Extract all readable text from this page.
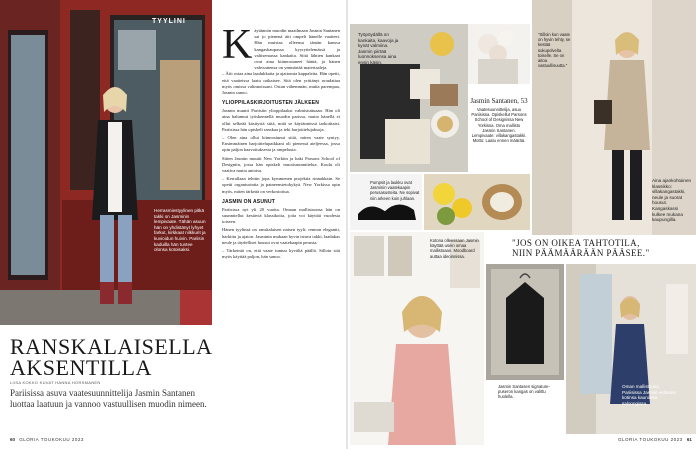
Herrasmiestyylinen pitkä takki on Jasminin lempivaate. Tähän asuun hän on yhdistänyt lyhyet farkut, kirkkaat nilkkurit ja kuvioidun huivin. Pariisin kaduilla hän tuntee olonsa kotoisaksi.
TYYLINI
RANSKALAISELLA
AKSENTILLA
LIISA KOKKO KUVAT HANNA HORSMANEN
Pariisissa asuva vaatesuunnittelija Jasmin Santanen luottaa laatuun ja vannoo vastuullisen muodin nimeen.
60 GLORIA TOUKOKUU 2023
K äytännön muodin maailmaan Jasmin Santanen sai jo pienenä äiti ompeli hänelle vaatteet. Hän muistaa olleensa tämän kanssa kangaskaupassa kyyryttelemässä ja valitsemassa kankaita. Siitä lähtien kankaat ovat aina kiinnostaneet häntä, ja hänen vahvuutensa on ymmärtää materiaaleja.

– Äiti ostaa aina laadukkaita ja ajattomia kappaleita. Hän opetti, että vaatteissa laatu ratkaisee. Sitä olen yrittänyt noudattaa myös omissa valinnoissani. Ostan vähemmän, mutta parempaa, Jasmin sanoo.

YLIOPPILASKIRJOITUSTEN JÄLKEEN

Jasmin muutti Pariisiin ylioppilaaksi valmistuttuaan. Hän oli aina halunnut työskennellä muodin parissa, mutta hänellä ei ollut selkeää käsitystä siitä, mitä se käytännössä tarkoittaisi. Pariisissa hän opiskeli ranskaa ja teki harjoittelujaksoja.

– Olen aina ollut kiinnostunut siitä, miten vaate syntyy. Ensimmäinen harjoittelupaikkani oli pienessä ateljeessa, jossa opin paljon kaavoituksesta ja ompelusta.

Sitten Jasmin muutti New Yorkiin ja haki Parsons School of Designiin, jossa hän opiskeli muotisuunnittelua. Koulu oli vaativa mutta antoisa.

– Kerrallaan tehtiin jopa kymmenen projektia rinnakkain. Se opetti organisointia ja paineensietokykyä. New Yorkissa opin myös, miten tärkeää on verkostoitua.

JASMIN ON ASUNUT

Pariisissa nyt yli 20 vuotta. Omaan mallistoonsa hän on suunnitellut kestäviä klassikoita, joita voi käyttää vuodesta toiseen.

Hänen tyylinsä on ranskalaisen naisen tyyli: rennon elegantti, harkittu ja ajaton. Jasminin mukaan hyvin istuva takki, laadukas neule ja täydelliset housut ovat vaatekaapin perusta.

– Tärkeintä on, että vaate tuntuu hyvältä päällä. Silloin sitä myös käyttää paljon, hän sanoo.

Työpöydällä on kankaita, kaavoja ja kynät valmiina. Jasmin piirtää luonnoksensa aina ensin käsin.
Jasmin Santanen, 53
Vaatesuunnittelija, asuu Pariisissa. Opiskellut Parsons School of Designissa New Yorkissa. Oma mallisto Jasmin Santanen. Lempivaate: villakangastakki. Motto: Laatu ennen määrää.
"Silloin kun vaate on hyvin tehty, se kestää sukupolvelta toiselle. Se on aitoa vastuullisuutta."
Aina ajankohtainen klassikko: villakangastakki, neule ja suorat housut. Kangaskassi kulkee mukana kaupungilla.
Pumpsit ja laukku ovat Jasminin vaatekaapin perusasusteita. Ne sopivat niin arkeen kuin juhlaan.
Kotona olleessaan Jasmin käyttää usein omaa mallistoaan. Moodboard auttaa ideoinnissa.
"JOS ON OIKEA TAHTOTILA, NIIN PÄÄMÄÄRÄÄN PÄÄSEE."
Jasmin Santasen signature-puseron kangas on valittu huolella.
Oman mallistonsa Pariisissa Jasmin esittelee kotinsa kauniissa saloongissa.
GLORIA TOUKOKUU 2023 61
